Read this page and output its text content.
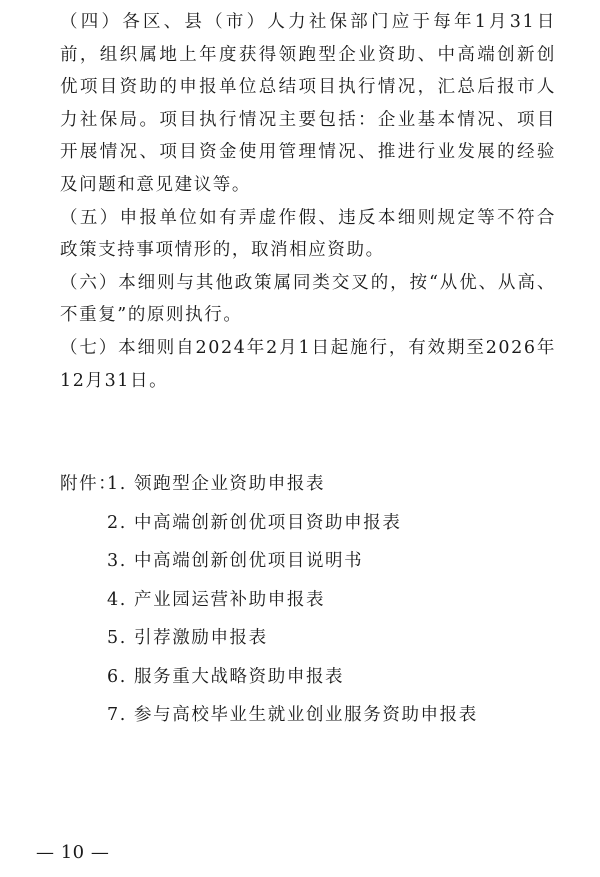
（四）各区、县（市）人力社保部门应于每年1月31日前，组织属地上年度获得领跑型企业资助、中高端创新创优项目资助的申报单位总结项目执行情况，汇总后报市人力社保局。项目执行情况主要包括：企业基本情况、项目开展情况、项目资金使用管理情况、推进行业发展的经验及问题和意见建议等。

（五）申报单位如有弄虚作假、违反本细则规定等不符合政策支持事项情形的，取消相应资助。

（六）本细则与其他政策属同类交叉的，按“从优、从高、不重复”的原则执行。

（七）本细则自2024年2月1日起施行，有效期至2026年12月31日。

附件：1. 领跑型企业资助申报表
2. 中高端创新创优项目资助申报表
3. 中高端创新创优项目说明书
4. 产业园运营补助申报表
5. 引荐激励申报表
6. 服务重大战略资助申报表
7. 参与高校毕业生就业创业服务资助申报表
— 10 —
